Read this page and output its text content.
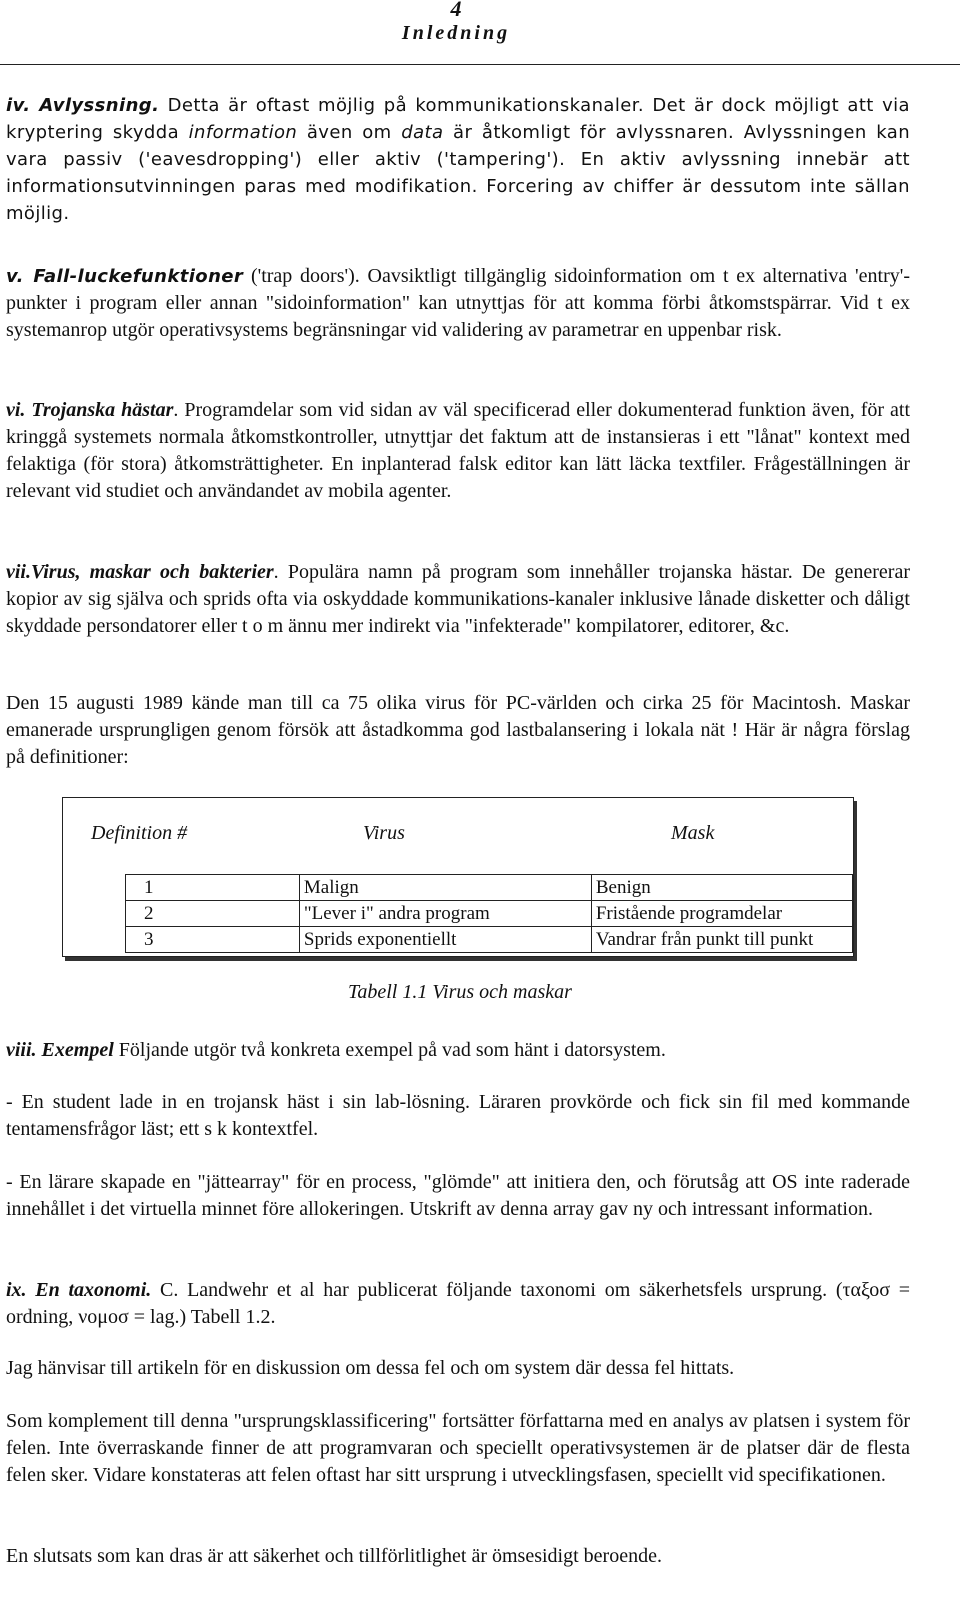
4
Inledning

iv. Avlyssning. Detta är oftast möjlig på kommunikationskanaler. Det är dock möjligt att via kryptering skydda information även om data är åtkomligt för avlyssnaren. Avlyssningen kan vara passiv ('eavesdropping') eller aktiv ('tampering'). En aktiv avlyssning innebär att informationsutvinningen paras med modifikation. Forcering av chiffer är dessutom inte sällan möjlig.

v. Fall-luckefunktioner ('trap doors'). Oavsiktligt tillgänglig sidoinformation om t ex alternativa 'entry'-punkter i program eller annan "sidoinformation" kan utnyttjas för att komma förbi åtkomstspärrar. Vid t ex systemanrop utgör operativsystems begränsningar vid validering av parametrar en uppenbar risk.

vi. Trojanska hästar. Programdelar som vid sidan av väl specificerad eller dokumenterad funktion även, för att kringgå systemets normala åtkomstkontroller, utnyttjar det faktum att de instansieras i ett "lånat" kontext med felaktiga (för stora) åtkomsträttigheter. En inplanterad falsk editor kan lätt läcka textfiler. Frågeställningen är relevant vid studiet och användandet av mobila agenter.

vii.Virus, maskar och bakterier. Populära namn på program som innehåller trojanska hästar. De genererar kopior av sig själva och sprids ofta via oskyddade kommunikations-kanaler inklusive lånade disketter och dåligt skyddade persondatorer eller t o m ännu mer indirekt via "infekterade" kompilatorer, editorer, &c.

Den 15 augusti 1989 kände man till ca 75 olika virus för PC-världen och cirka 25 för Macintosh. Maskar emanerade ursprungligen genom försök att åstadkomma god lastbalansering i lokala nät ! Här är några förslag på definitioner:

viii. Exempel Följande utgör två konkreta exempel på vad som hänt i datorsystem.

- En student lade in en trojansk häst i sin lab-lösning. Läraren provkörde och fick sin fil med kommande tentamensfrågor läst; ett s k kontextfel.

- En lärare skapade en "jättearray" för en process, "glömde" att initiera den, och förutsåg att OS inte raderade innehållet i det virtuella minnet före allokeringen. Utskrift av denna array gav ny och intressant information.

ix. En taxonomi. C. Landwehr et al har publicerat följande taxonomi om säkerhetsfels ursprung. (ταξοσ = ordning, νομοσ = lag.) Tabell 1.2.

Jag hänvisar till artikeln för en diskussion om dessa fel och om system där dessa fel hittats.

Som komplement till denna "ursprungsklassificering" fortsätter författarna med en analys av platsen i system för felen. Inte överraskande finner de att programvaran och speciellt operativsystemen är de platser där de flesta felen sker. Vidare konstateras att felen oftast har sitt ursprung i utvecklingsfasen, speciellt vid specifikationen.

En slutsats som kan dras är att säkerhet och tillförlitlighet är ömsesidigt beroende.

Definition #	Virus	Mask
1	Malign	Benign
2	"Lever i" andra program	Fristående programdelar
3	Sprids exponentiellt	Vandrar från punkt till punkt
Tabell 1.1 Virus och maskar
